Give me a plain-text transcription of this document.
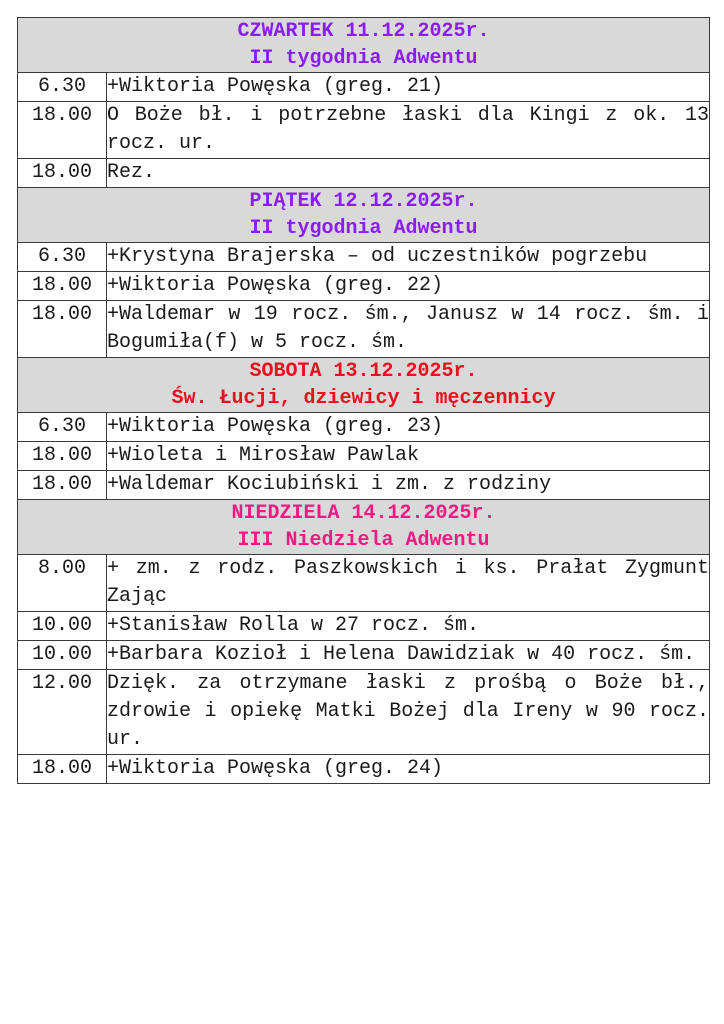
CZWARTEK 11.12.2025r.
II tygodnia Adwentu	

6.30	+Wiktoria Powęska (greg. 21)
18.00	O Boże bł. i potrzebne łaski dla Kingi z ok. 13 rocz. ur.
18.00	Rez.

PIĄTEK 12.12.2025r.
II tygodnia Adwentu	

6.30	+Krystyna Brajerska – od uczestników pogrzebu
18.00	+Wiktoria Powęska (greg. 22)
18.00	+Waldemar w 19 rocz. śm., Janusz w 14 rocz. śm. i Bogumiła(f) w 5 rocz. śm.

SOBOTA 13.12.2025r.
Św. Łucji, dziewicy i męczennicy	

6.30	+Wiktoria Powęska (greg. 23)
18.00	+Wioleta i Mirosław Pawlak
18.00	+Waldemar Kociubiński i zm. z rodziny

NIEDZIELA 14.12.2025r.
III Niedziela Adwentu	

8.00	+ zm. z rodz. Paszkowskich i ks. Prałat Zygmunt Zając
10.00	+Stanisław Rolla w 27 rocz. śm.
10.00	+Barbara Kozioł i Helena Dawidziak w 40 rocz. śm.
12.00	Dzięk. za otrzymane łaski z prośbą o Boże bł., zdrowie i opiekę Matki Bożej dla Ireny w 90 rocz. ur.
18.00	+Wiktoria Powęska (greg. 24)
